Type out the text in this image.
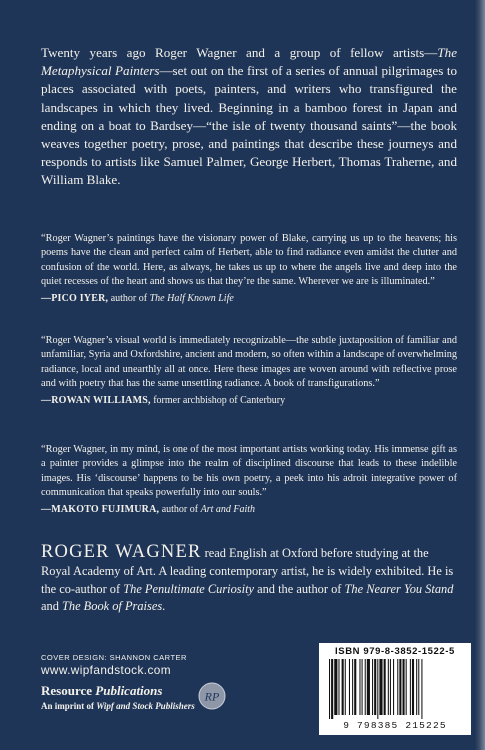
Twenty years ago Roger Wagner and a group of fellow artists—The Metaphysical Painters—set out on the first of a series of annual pilgrimages to places associated with poets, painters, and writers who transfigured the landscapes in which they lived. Beginning in a bamboo forest in Japan and ending on a boat to Bardsey—“the isle of twenty thousand saints”—the book weaves together poetry, prose, and paintings that describe these journeys and responds to artists like Samuel Palmer, George Herbert, Thomas Traherne, and William Blake.

“Roger Wagner’s paintings have the visionary power of Blake, carrying us up to the heavens; his poems have the clean and perfect calm of Herbert, able to find radiance even amidst the clutter and confusion of the world. Here, as always, he takes us up to where the angels live and deep into the quiet recesses of the heart and shows us that they’re the same. Wherever we are is illuminated.”

—PICO IYER, author of The Half Known Life

“Roger Wagner’s visual world is immediately recognizable—the subtle juxtaposition of familiar and unfamiliar, Syria and Oxfordshire, ancient and modern, so often within a landscape of overwhelming radiance, local and unearthly all at once. Here these images are woven around with reflective prose and with poetry that has the same unsettling radiance. A book of transfigurations.”

—ROWAN WILLIAMS, former archbishop of Canterbury

“Roger Wagner, in my mind, is one of the most important artists working today. His immense gift as a painter provides a glimpse into the realm of disciplined discourse that leads to these indelible images. His ‘discourse’ happens to be his own poetry, a peek into his adroit integrative power of communication that speaks powerfully into our souls.”

—MAKOTO FUJIMURA, author of Art and Faith

ROGER WAGNER read English at Oxford before studying at the Royal Academy of Art. A leading contemporary artist, he is widely exhibited. He is the co-author of The Penultimate Curiosity and the author of The Nearer You Stand and The Book of Praises.

COVER DESIGN: SHANNON CARTER
www.wipfandstock.com
Resource Publications
An imprint of Wipf and Stock Publishers
RP
ISBN 979-8-3852-1522-5
9 798385 215225
